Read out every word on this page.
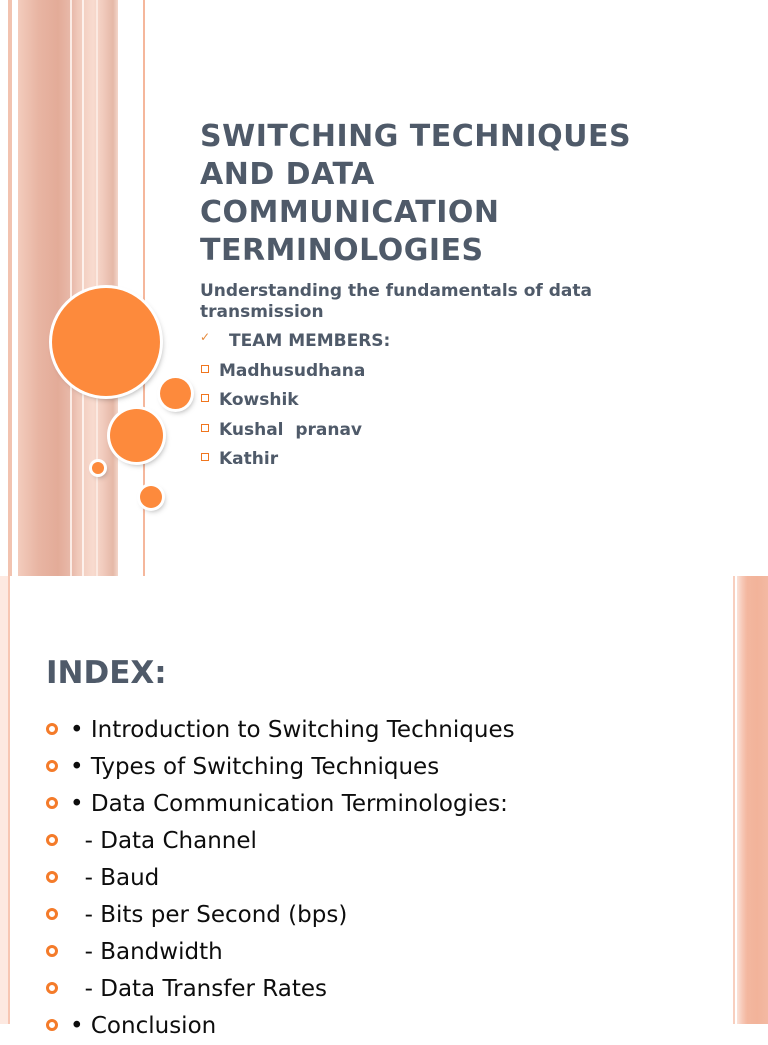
SWITCHING TECHNIQUES
AND DATA
COMMUNICATION
TERMINOLOGIES

Understanding the fundamentals of data transmission

✓ TEAM MEMBERS:
Madhusudhana
Kowshik
Kushal  pranav
Kathir
INDEX:
• Introduction to Switching Techniques
• Types of Switching Techniques
• Data Communication Terminologies:
- Data Channel
- Baud
- Bits per Second (bps)
- Bandwidth
- Data Transfer Rates
• Conclusion
